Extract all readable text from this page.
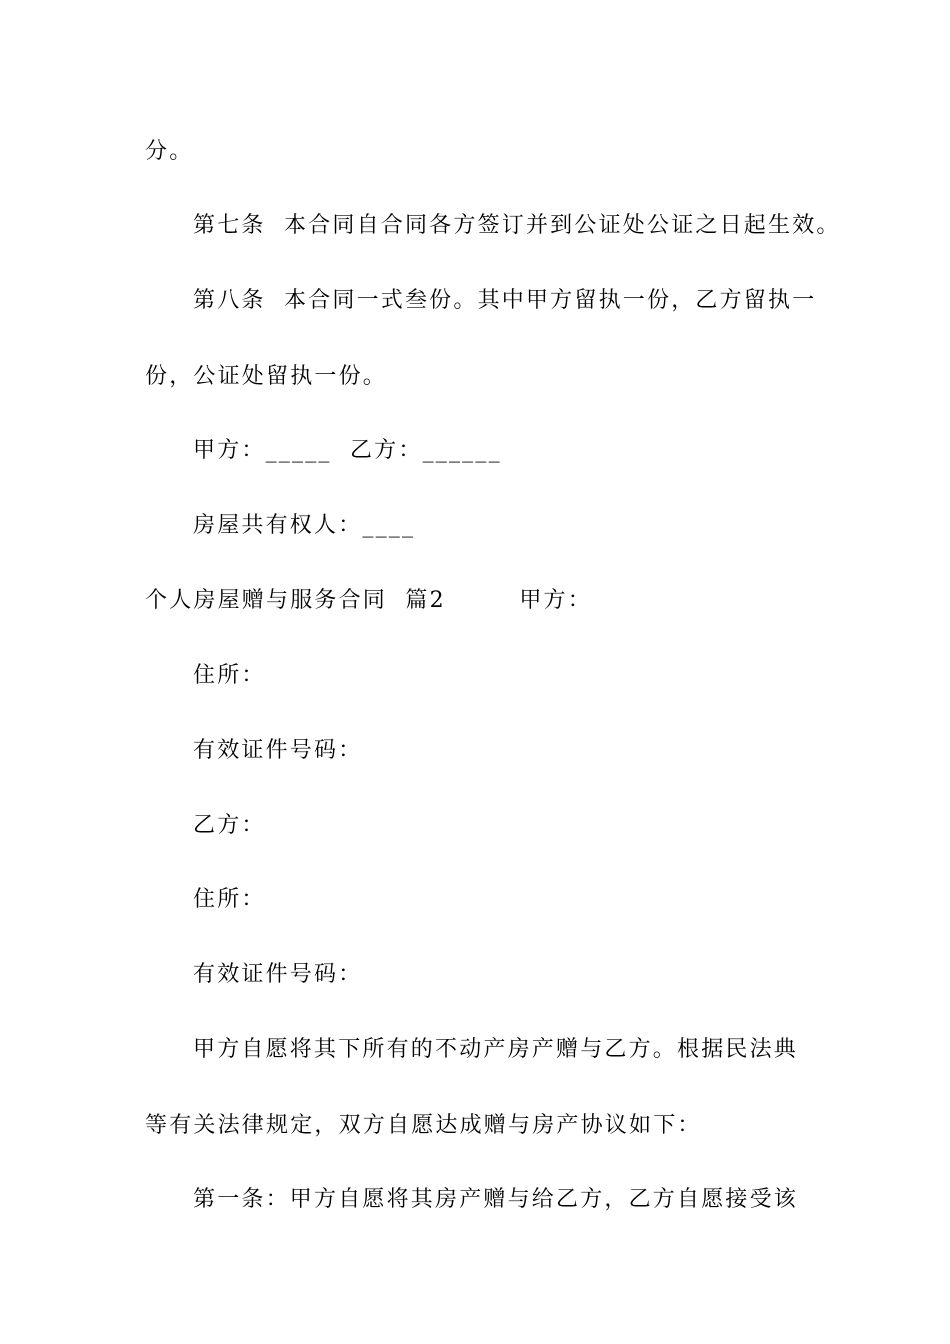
分。
第七条  本合同自合同各方签订并到公证处公证之日起生效。
第八条  本合同一式叁份。其中甲方留执一份，乙方留执一
份，公证处留执一份。
甲方：_____  乙方：______
房屋共有权人：____
个人房屋赠与服务合同  篇2        甲方：
住所：
有效证件号码：
乙方：
住所：
有效证件号码：
甲方自愿将其下所有的不动产房产赠与乙方。根据民法典
等有关法律规定，双方自愿达成赠与房产协议如下：
第一条：甲方自愿将其房产赠与给乙方，乙方自愿接受该
